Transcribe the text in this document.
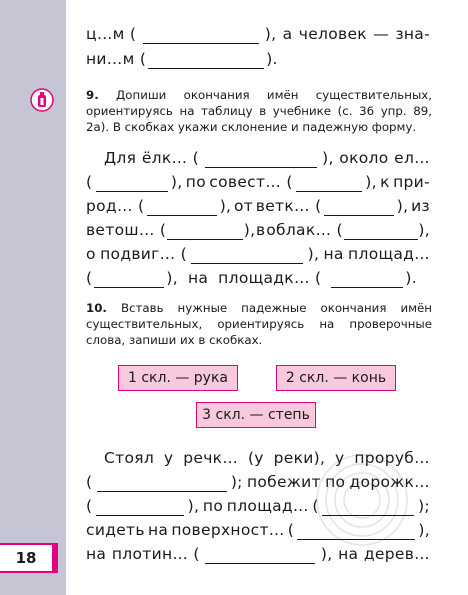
18
ц…м (	), а человек — зна-
ни…м (	).
9. Допиши окончания имён существительных, ориентируясь на таблицу в учебнике (с. 36 упр. 89, 2а). В скобках укажи склонение и падежную форму.
Для ёлк… (	), около ел…
(	), по совест… (	), к при-
род… (	), от ветк… (	), из
ветош… (	), в облак… (	),
о подвиг… (	), на площад…
(	), на площадк… (	).
10. Вставь нужные падежные окончания имён существительных, ориентируясь на проверочные слова, запиши их в скобках.
1 скл. — рука	2 скл. — конь
3 скл. — степь
Стоял у речк… (у реки), у проруб…
(	); побежит по дорожк…
(	), по площад… (	);
сидеть на поверхност… (	),
на плотин… (	), на дерев…
